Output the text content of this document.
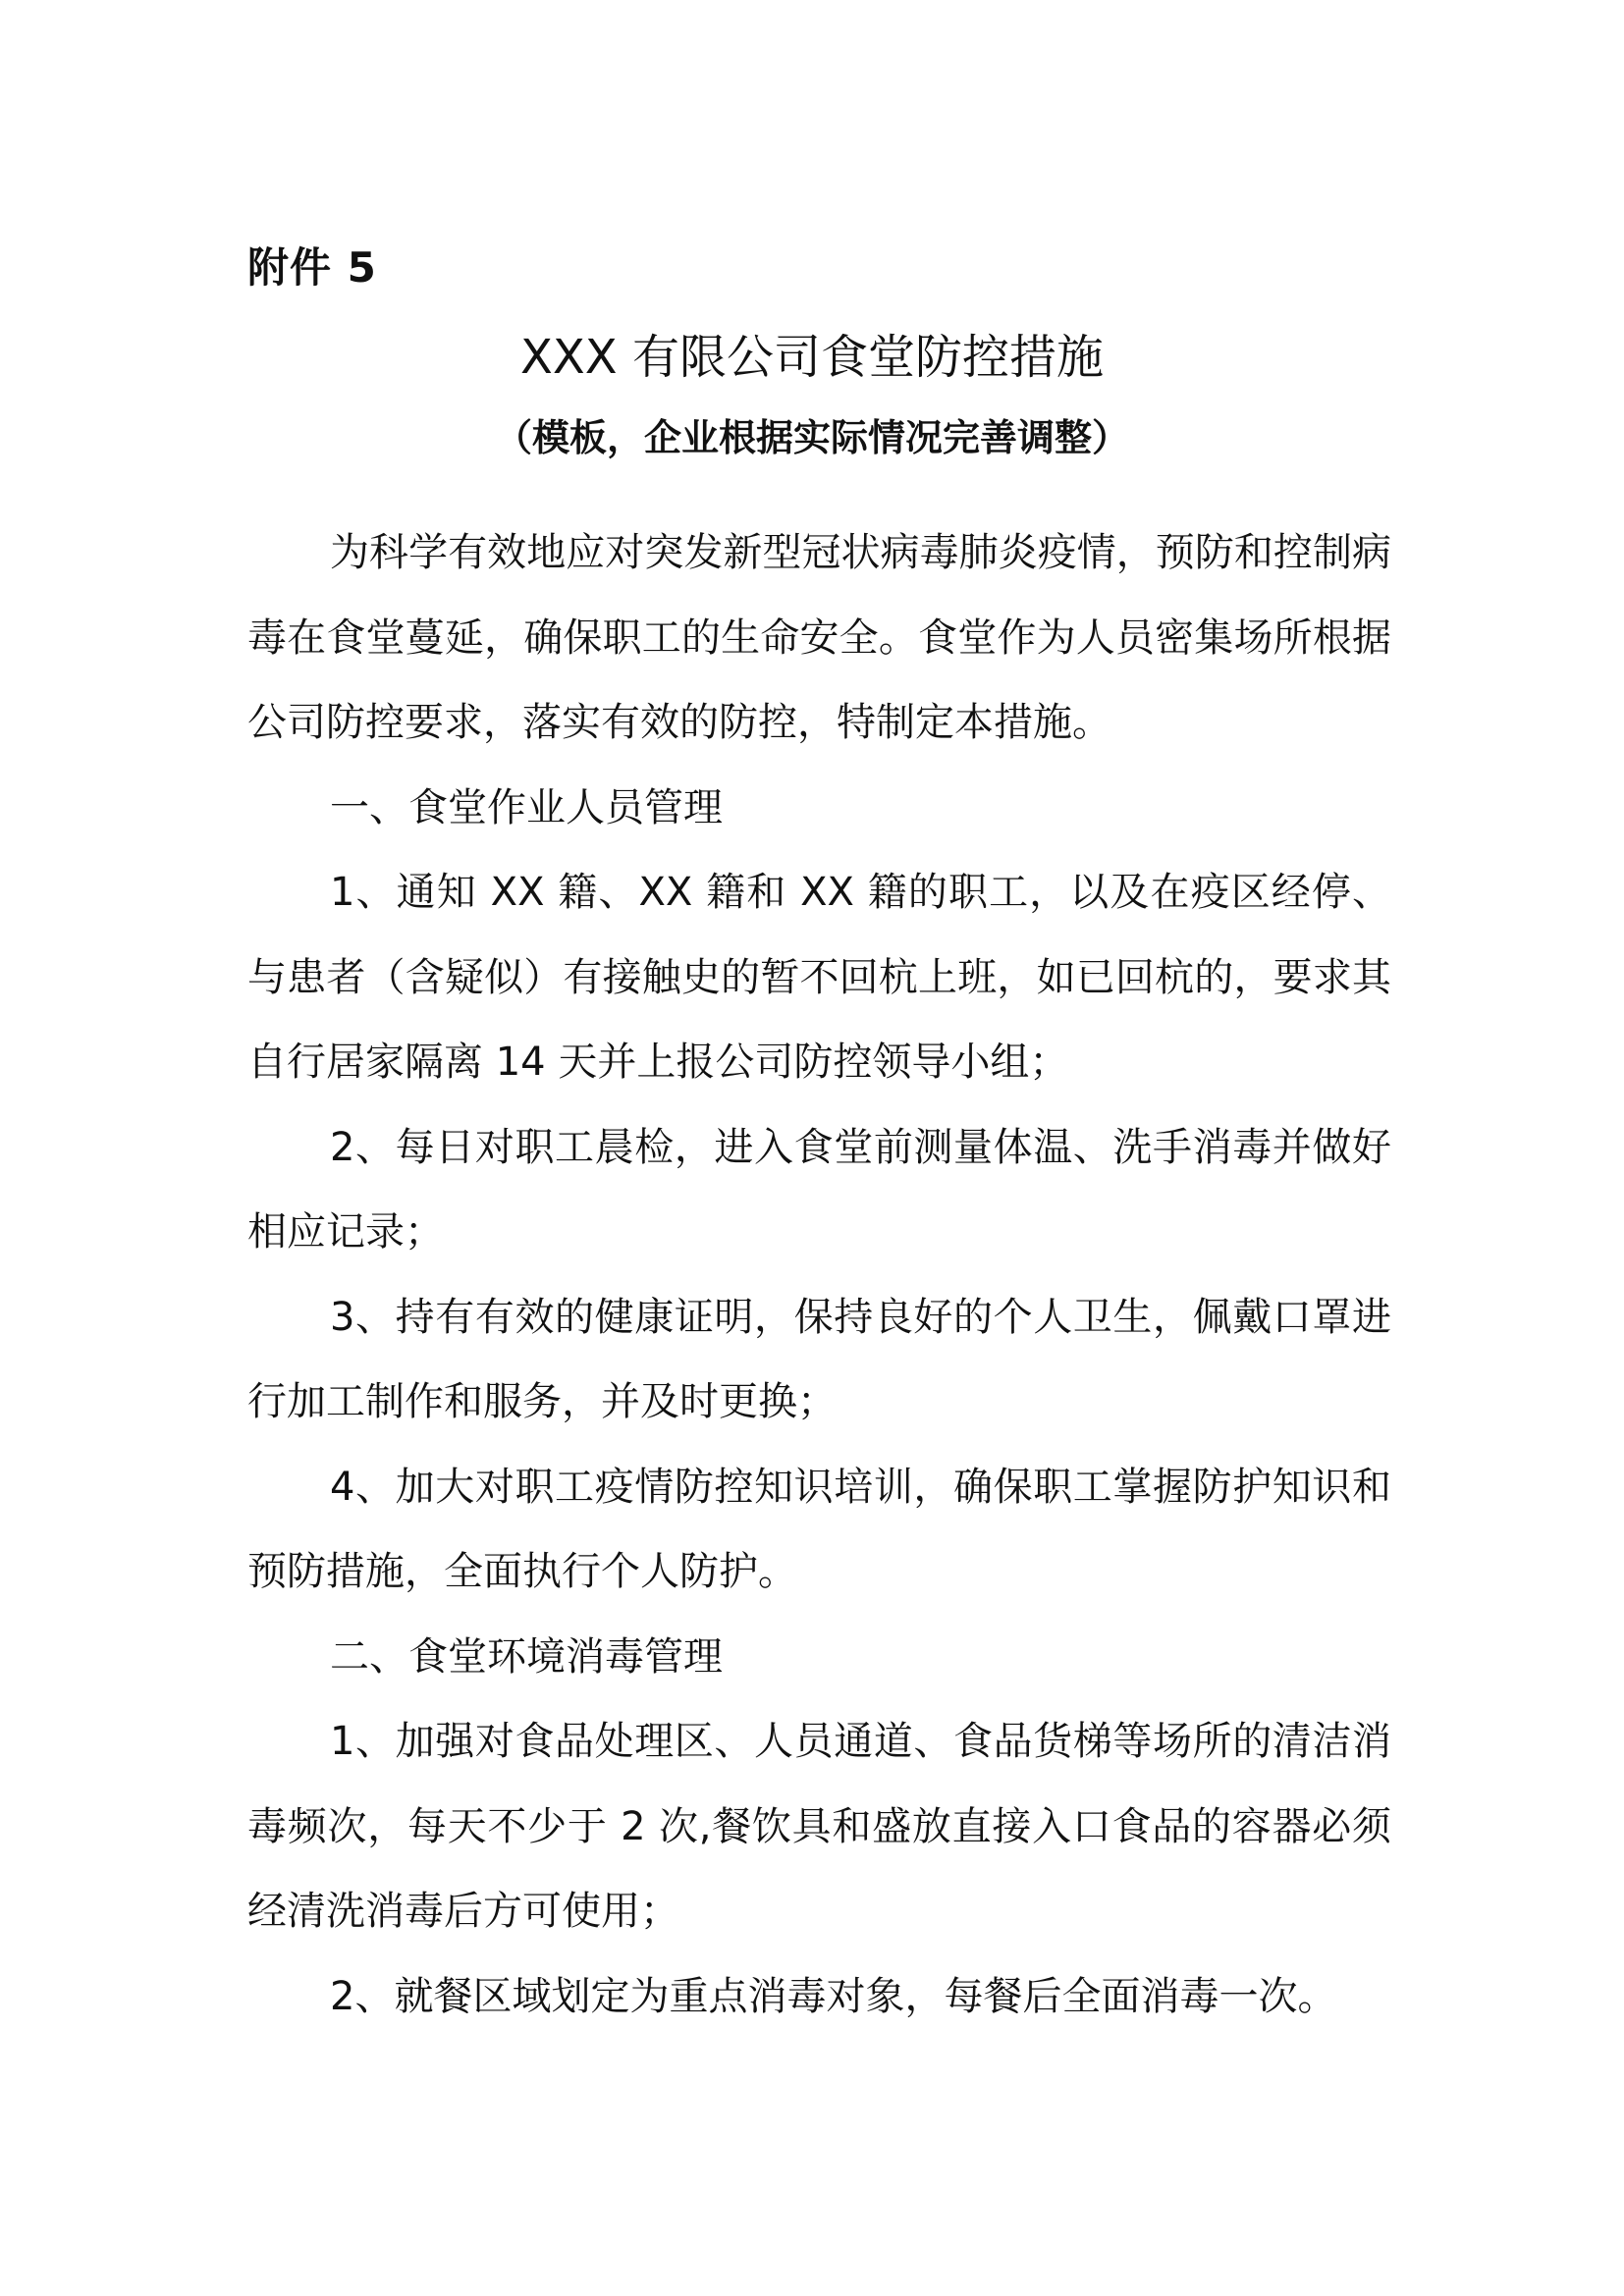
附件 5
XXX 有限公司食堂防控措施
（模板，企业根据实际情况完善调整）

为科学有效地应对突发新型冠状病毒肺炎疫情，预防和控制病毒在食堂蔓延，确保职工的生命安全。食堂作为人员密集场所根据公司防控要求，落实有效的防控，特制定本措施。

一、食堂作业人员管理

1、通知 XX 籍、XX 籍和 XX 籍的职工，以及在疫区经停、与患者（含疑似）有接触史的暂不回杭上班，如已回杭的，要求其自行居家隔离 14 天并上报公司防控领导小组；

2、每日对职工晨检，进入食堂前测量体温、洗手消毒并做好相应记录；

3、持有有效的健康证明，保持良好的个人卫生，佩戴口罩进行加工制作和服务，并及时更换；

4、加大对职工疫情防控知识培训，确保职工掌握防护知识和预防措施，全面执行个人防护。

二、食堂环境消毒管理

1、加强对食品处理区、人员通道、食品货梯等场所的清洁消毒频次，每天不少于 2 次,餐饮具和盛放直接入口食品的容器必须经清洗消毒后方可使用；

2、就餐区域划定为重点消毒对象，每餐后全面消毒一次。
